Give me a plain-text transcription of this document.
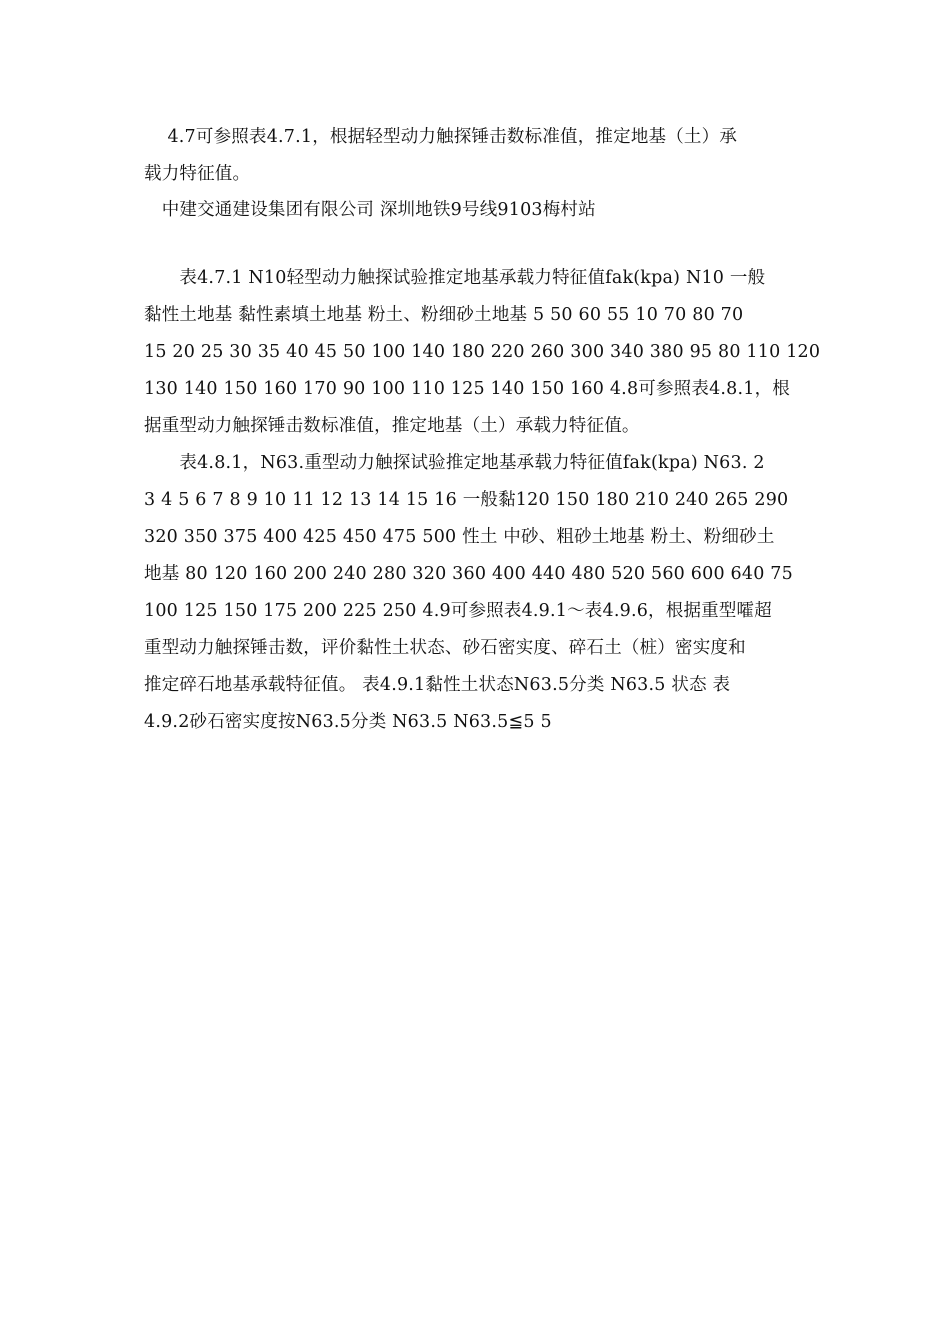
　 4.7可参照表4.7.1，根据轻型动力触探锤击数标准值，推定地基（土）承
载力特征值。
　中建交通建设集团有限公司 深圳地铁9号线9103梅村站
　　表4.7.1 N10轻型动力触探试验推定地基承载力特征值fak(kpa) N10 一般
黏性土地基 黏性素填土地基 粉土、粉细砂土地基 5 50 60 55 10 70 80 70
15 20 25 30 35 40 45 50 100 140 180 220 260 300 340 380 95 80 110 120
130 140 150 160 170 90 100 110 125 140 150 160 4.8可参照表4.8.1，根
据重型动力触探锤击数标准值，推定地基（土）承载力特征值。
　　表4.8.1，N63.重型动力触探试验推定地基承载力特征值fak(kpa) N63. 2
3 4 5 6 7 8 9 10 11 12 13 14 15 16 一般黏120 150 180 210 240 265 290
320 350 375 400 425 450 475 500 性土 中砂、粗砂土地基 粉土、粉细砂土
地基 80 120 160 200 240 280 320 360 400 440 480 520 560 600 640 75
100 125 150 175 200 225 250 4.9可参照表4.9.1～表4.9.6，根据重型嚯超
重型动力触探锤击数，评价黏性土状态、砂石密实度、碎石土（桩）密实度和
推定碎石地基承载特征值。 表4.9.1黏性土状态N63.5分类 N63.5 状态 表
4.9.2砂石密实度按N63.5分类 N63.5 N63.5≦5 5
